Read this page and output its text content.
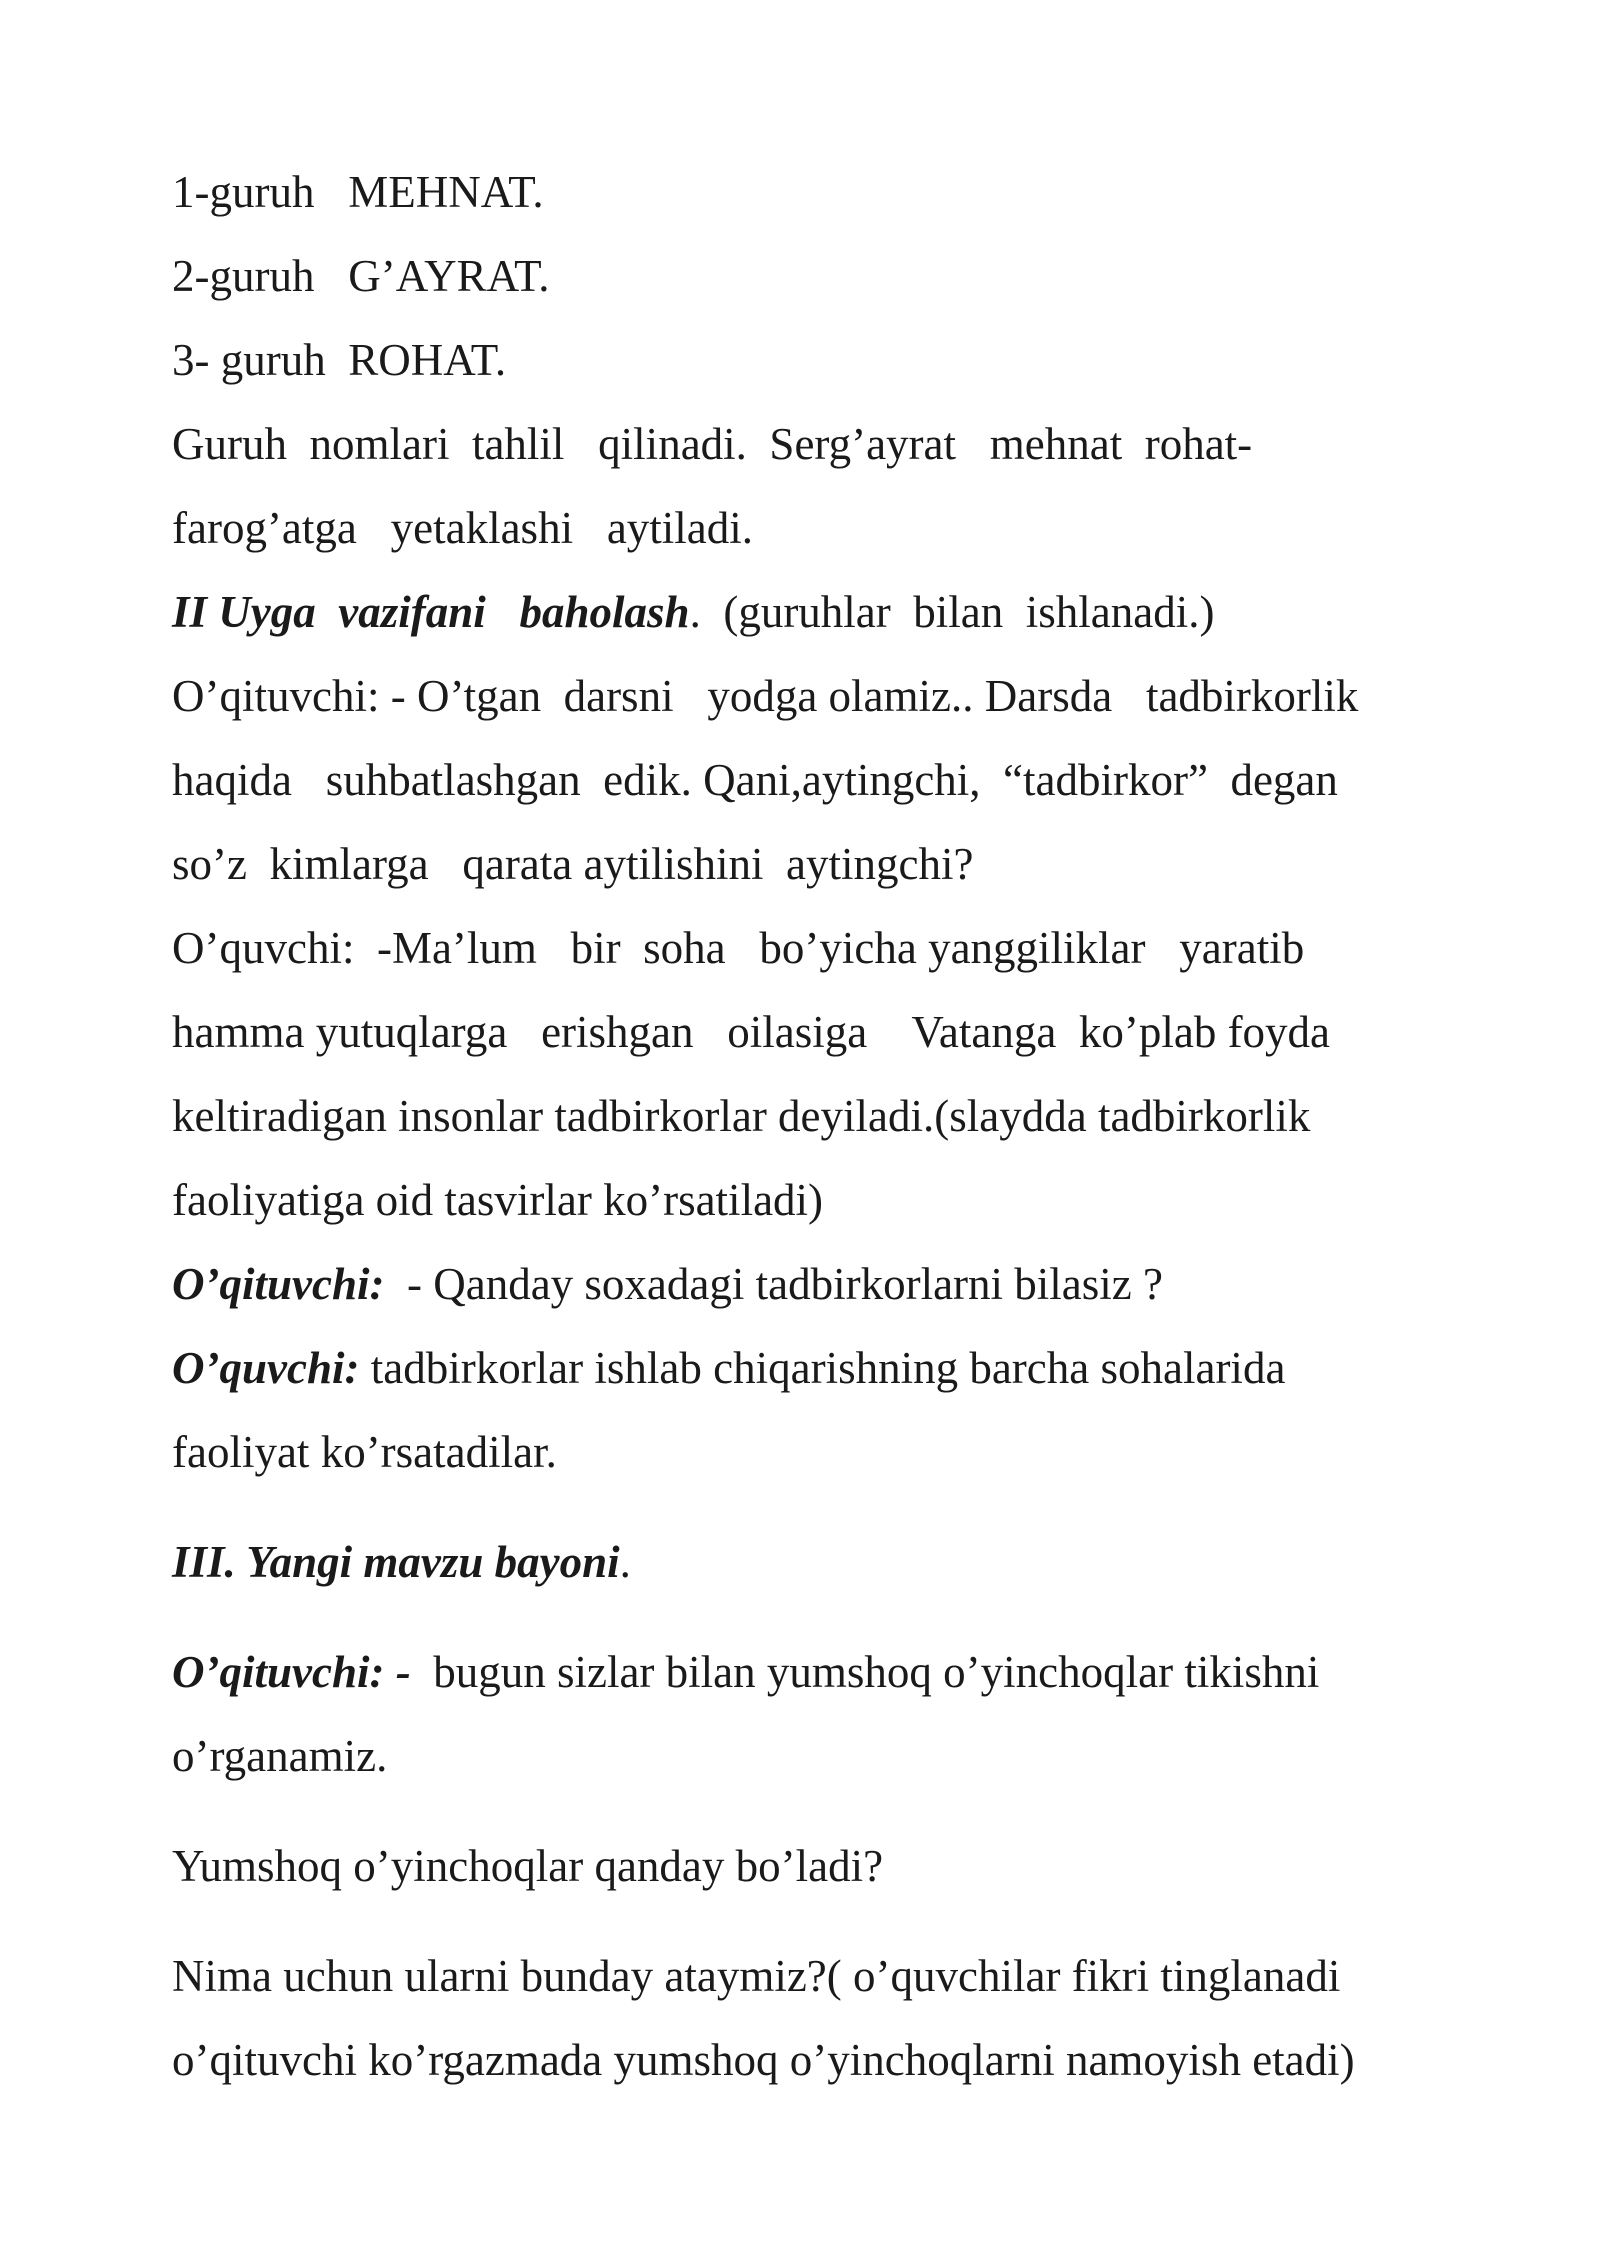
1-guruh   MEHNAT.

2-guruh   G’AYRAT.

3- guruh  ROHAT.

Guruh  nomlari  tahlil   qilinadi.  Serg’ayrat   mehnat  rohat-

farog’atga   yetaklashi   aytiladi.

II Uyga  vazifani   baholash.  (guruhlar  bilan  ishlanadi.)

O’qituvchi: - O’tgan  darsni   yodga olamiz.. Darsda   tadbirkorlik

haqida   suhbatlashgan  edik. Qani,aytingchi,  “tadbirkor”  degan

so’z  kimlarga   qarata aytilishini  aytingchi?

O’quvchi:  -Ma’lum   bir  soha   bo’yicha yanggiliklar   yaratib

hamma yutuqlarga   erishgan   oilasiga    Vatanga  ko’plab foyda

keltiradigan insonlar tadbirkorlar deyiladi.(slaydda tadbirkorlik

faoliyatiga oid tasvirlar ko’rsatiladi)

O’qituvchi:  - Qanday soxadagi tadbirkorlarni bilasiz ?

O’quvchi: tadbirkorlar ishlab chiqarishning barcha sohalarida

faoliyat ko’rsatadilar.

III. Yangi mavzu bayoni.

O’qituvchi: -  bugun sizlar bilan yumshoq o’yinchoqlar tikishni

o’rganamiz.

Yumshoq o’yinchoqlar qanday bo’ladi?

Nima uchun ularni bunday ataymiz?( o’quvchilar fikri tinglanadi

o’qituvchi ko’rgazmada yumshoq o’yinchoqlarni namoyish etadi)
